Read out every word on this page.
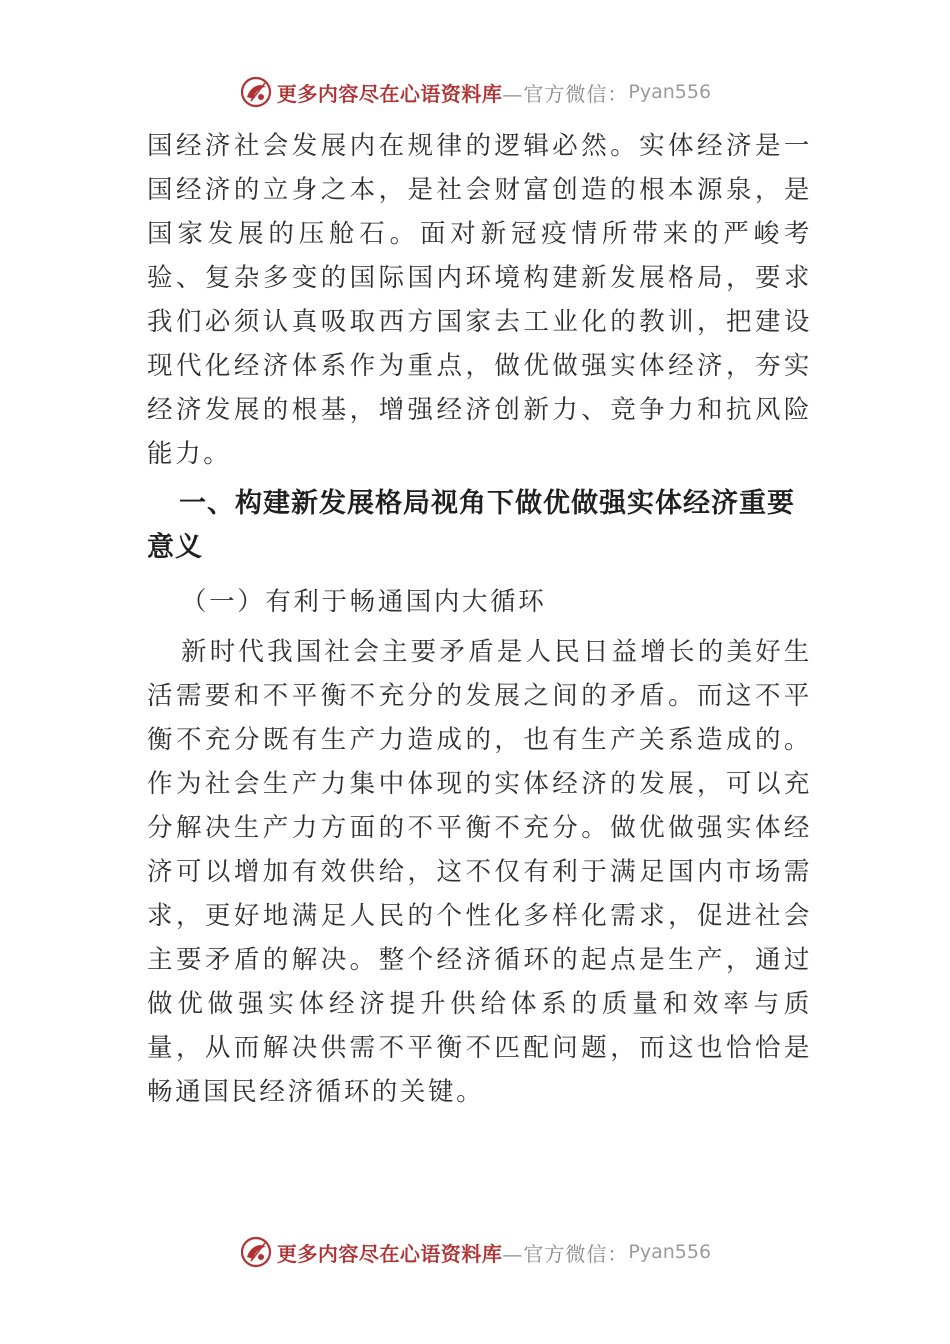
更多内容尽在心语资料库 —官方微信： Pyan556

国经济社会发展内在规律的逻辑必然。实体经济是一国经济的立身之本，是社会财富创造的根本源泉，是国家发展的压舱石。面对新冠疫情所带来的严峻考验、复杂多变的国际国内环境构建新发展格局，要求我们必须认真吸取西方国家去工业化的教训，把建设现代化经济体系作为重点，做优做强实体经济，夯实经济发展的根基，增强经济创新力、竞争力和抗风险能力。

一、构建新发展格局视角下做优做强实体经济重要意义

（一）有利于畅通国内大循环

新时代我国社会主要矛盾是人民日益增长的美好生活需要和不平衡不充分的发展之间的矛盾。而这不平衡不充分既有生产力造成的，也有生产关系造成的。作为社会生产力集中体现的实体经济的发展，可以充分解决生产力方面的不平衡不充分。做优做强实体经济可以增加有效供给，这不仅有利于满足国内市场需求，更好地满足人民的个性化多样化需求，促进社会主要矛盾的解决。整个经济循环的起点是生产，通过做优做强实体经济提升供给体系的质量和效率与质量，从而解决供需不平衡不匹配问题，而这也恰恰是畅通国民经济循环的关键。

更多内容尽在心语资料库 —官方微信： Pyan556
